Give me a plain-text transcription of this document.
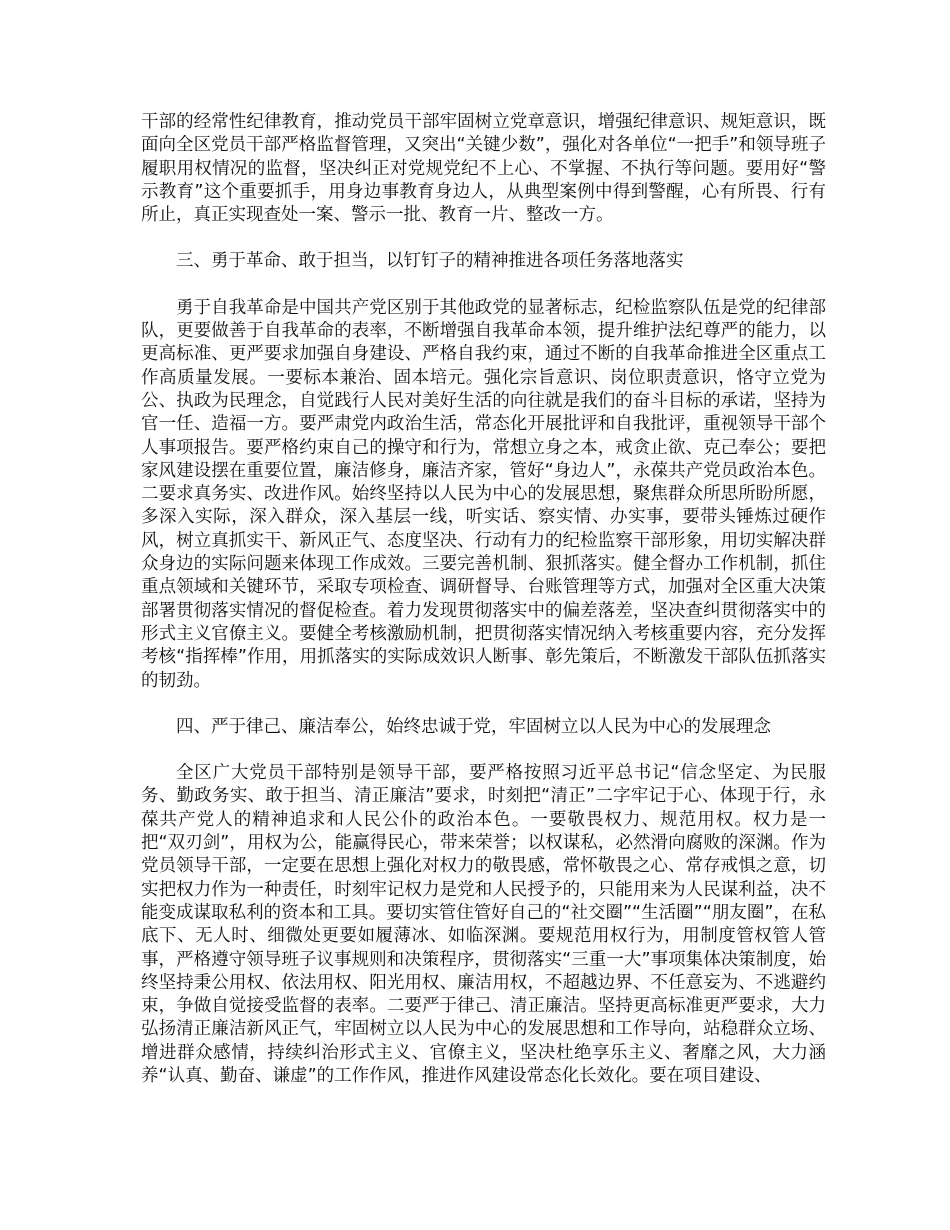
干部的经常性纪律教育，推动党员干部牢固树立党章意识，增强纪律意识、规矩意识，既面向全区党员干部严格监督管理，又突出“关键少数”，强化对各单位“一把手”和领导班子履职用权情况的监督，坚决纠正对党规党纪不上心、不掌握、不执行等问题。要用好“警示教育”这个重要抓手，用身边事教育身边人，从典型案例中得到警醒，心有所畏、行有所止，真正实现查处一案、警示一批、教育一片、整改一方。

三、勇于革命、敢于担当，以钉钉子的精神推进各项任务落地落实

勇于自我革命是中国共产党区别于其他政党的显著标志，纪检监察队伍是党的纪律部队，更要做善于自我革命的表率，不断增强自我革命本领，提升维护法纪尊严的能力，以更高标准、更严要求加强自身建设、严格自我约束，通过不断的自我革命推进全区重点工作高质量发展。一要标本兼治、固本培元。强化宗旨意识、岗位职责意识，恪守立党为公、执政为民理念，自觉践行人民对美好生活的向往就是我们的奋斗目标的承诺，坚持为官一任、造福一方。要严肃党内政治生活，常态化开展批评和自我批评，重视领导干部个人事项报告。要严格约束自己的操守和行为，常想立身之本，戒贪止欲、克己奉公；要把家风建设摆在重要位置，廉洁修身，廉洁齐家，管好“身边人”，永葆共产党员政治本色。二要求真务实、改进作风。始终坚持以人民为中心的发展思想，聚焦群众所思所盼所愿，多深入实际，深入群众，深入基层一线，听实话、察实情、办实事，要带头锤炼过硬作风，树立真抓实干、新风正气、态度坚决、行动有力的纪检监察干部形象，用切实解决群众身边的实际问题来体现工作成效。三要完善机制、狠抓落实。健全督办工作机制，抓住重点领域和关键环节，采取专项检查、调研督导、台账管理等方式，加强对全区重大决策部署贯彻落实情况的督促检查。着力发现贯彻落实中的偏差落差，坚决查纠贯彻落实中的形式主义官僚主义。要健全考核激励机制，把贯彻落实情况纳入考核重要内容，充分发挥考核“指挥棒”作用，用抓落实的实际成效识人断事、彰先策后，不断激发干部队伍抓落实的韧劲。

四、严于律己、廉洁奉公，始终忠诚于党，牢固树立以人民为中心的发展理念

全区广大党员干部特别是领导干部，要严格按照习近平总书记“信念坚定、为民服务、勤政务实、敢于担当、清正廉洁”要求，时刻把“清正”二字牢记于心、体现于行，永葆共产党人的精神追求和人民公仆的政治本色。一要敬畏权力、规范用权。权力是一把“双刃剑”，用权为公，能赢得民心，带来荣誉；以权谋私，必然滑向腐败的深渊。作为党员领导干部，一定要在思想上强化对权力的敬畏感，常怀敬畏之心、常存戒惧之意，切实把权力作为一种责任，时刻牢记权力是党和人民授予的，只能用来为人民谋利益，决不能变成谋取私利的资本和工具。要切实管住管好自己的“社交圈”“生活圈”“朋友圈”，在私底下、无人时、细微处更要如履薄冰、如临深渊。要规范用权行为，用制度管权管人管事，严格遵守领导班子议事规则和决策程序，贯彻落实“三重一大”事项集体决策制度，始终坚持秉公用权、依法用权、阳光用权、廉洁用权，不超越边界、不任意妄为、不逃避约束，争做自觉接受监督的表率。二要严于律己、清正廉洁。坚持更高标准更严要求，大力弘扬清正廉洁新风正气，牢固树立以人民为中心的发展思想和工作导向，站稳群众立场、增进群众感情，持续纠治形式主义、官僚主义，坚决杜绝享乐主义、奢靡之风，大力涵养“认真、勤奋、谦虚”的工作作风，推进作风建设常态化长效化。要在项目建设、
